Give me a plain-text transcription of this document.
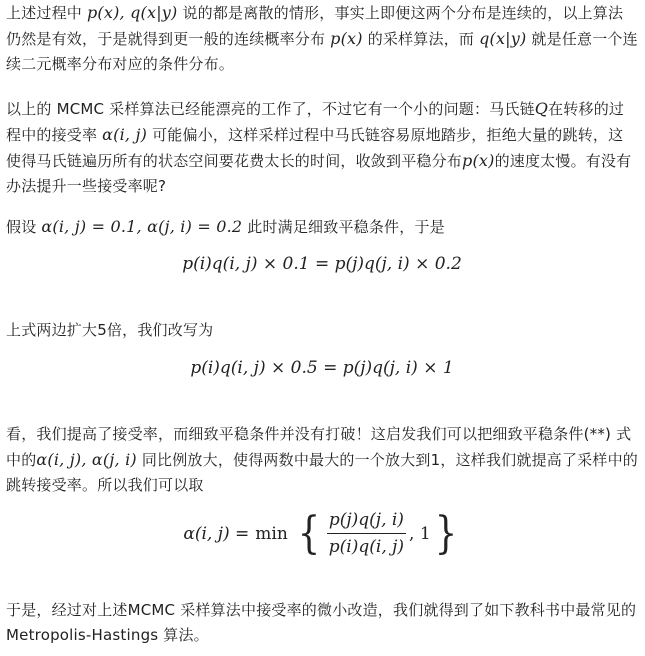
上述过程中 p(x), q(x|y) 说的都是离散的情形，事实上即便这两个分布是连续的，以上算法仍然是有效，于是就得到更一般的连续概率分布 p(x) 的采样算法，而 q(x|y) 就是任意一个连续二元概率分布对应的条件分布。

以上的 MCMC 采样算法已经能漂亮的工作了，不过它有一个小的问题：马氏链Q在转移的过程中的接受率 α(i, j) 可能偏小，这样采样过程中马氏链容易原地踏步，拒绝大量的跳转，这使得马氏链遍历所有的状态空间要花费太长的时间，收敛到平稳分布p(x)的速度太慢。有没有办法提升一些接受率呢?

假设 α(i, j) = 0.1, α(j, i) = 0.2 此时满足细致平稳条件，于是

p(i)q(i, j) × 0.1 = p(j)q(j, i) × 0.2

上式两边扩大5倍，我们改写为

p(i)q(i, j) × 0.5 = p(j)q(j, i) × 1

看，我们提高了接受率，而细致平稳条件并没有打破！这启发我们可以把细致平稳条件(**) 式中的α(i, j), α(j, i) 同比例放大，使得两数中最大的一个放大到1，这样我们就提高了采样中的跳转接受率。所以我们可以取

α(i, j) = min { $\frac{p(j)q(j, i)}{p(i)q(i, j)}$ , 1 }

于是，经过对上述MCMC 采样算法中接受率的微小改造，我们就得到了如下教科书中最常见的 Metropolis-Hastings 算法。
